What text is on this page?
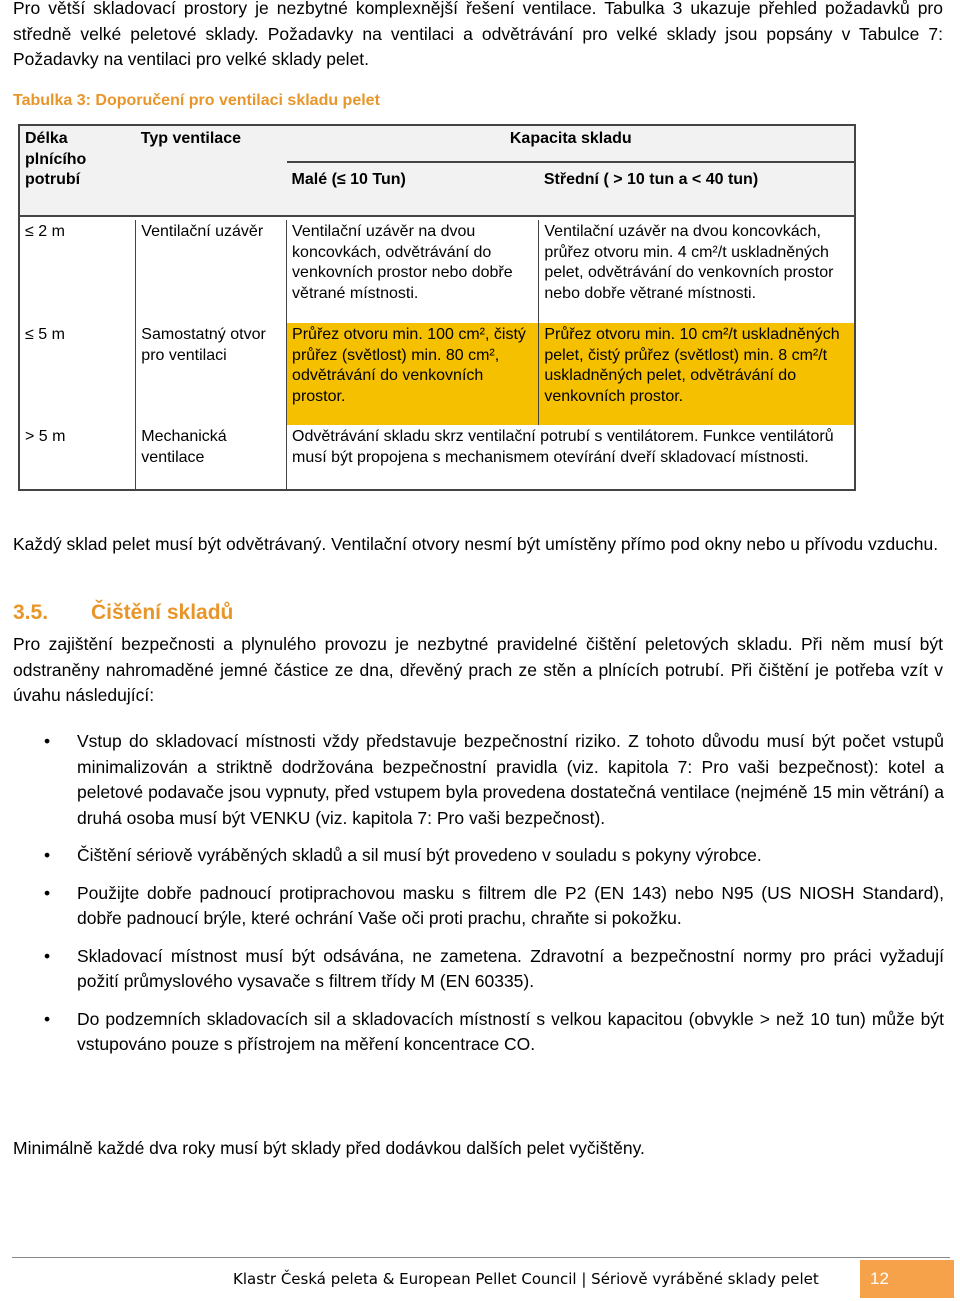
Pro větší skladovací prostory je nezbytné komplexnější řešení ventilace. Tabulka 3 ukazuje přehled požadavků pro středně velké peletové sklady. Požadavky na ventilaci a odvětrávání pro velké sklady jsou popsány v Tabulce 7: Požadavky na ventilaci pro velké sklady pelet.

Tabulka 3: Doporučení pro ventilaci skladu pelet

Délka plnícího potrubí	Typ ventilace	Kapacita skladu	
		Malé (≤ 10 Tun)	Střední ( > 10 tun a < 40 tun)

≤ 2 m	Ventilační uzávěr	Ventilační uzávěr na dvou koncovkách, odvětrávání do venkovních prostor nebo dobře větrané místnosti.	Ventilační uzávěr na dvou koncovkách, průřez otvoru min. 4 cm²/t uskladněných pelet, odvětrávání do venkovních prostor nebo dobře větrané místnosti.
≤ 5 m	Samostatný otvor pro ventilaci	Průřez otvoru min. 100 cm², čistý průřez (světlost) min. 80 cm², odvětrávání do venkovních prostor.	Průřez otvoru min. 10 cm²/t uskladněných pelet, čistý průřez (světlost) min. 8 cm²/t uskladněných pelet, odvětrávání do venkovních prostor.
> 5 m	Mechanická ventilace	Odvětrávání skladu skrz ventilační potrubí s ventilátorem. Funkce ventilátorů musí být propojena s mechanismem otevírání dveří skladovací místnosti.	

Každý sklad pelet musí být odvětrávaný. Ventilační otvory nesmí být umístěny přímo pod okny nebo u přívodu vzduchu.

3.5. Čištění skladů

Pro zajištění bezpečnosti a plynulého provozu je nezbytné pravidelné čištění peletových skladu. Při něm musí být odstraněny nahromaděné jemné částice ze dna, dřevěný prach ze stěn a plnících potrubí. Při čištění je potřeba vzít v úvahu následující:

• Vstup do skladovací místnosti vždy představuje bezpečnostní riziko. Z tohoto důvodu musí být počet vstupů minimalizován a striktně dodržována bezpečnostní pravidla (viz. kapitola 7: Pro vaši bezpečnost): kotel a peletové podavače jsou vypnuty, před vstupem byla provedena dostatečná ventilace (nejméně 15 min větrání) a druhá osoba musí být VENKU (viz. kapitola 7: Pro vaši bezpečnost).
• Čištění sériově vyráběných skladů a sil musí být provedeno v souladu s pokyny výrobce.
• Použijte dobře padnoucí protiprachovou masku s filtrem dle P2 (EN 143) nebo N95 (US NIOSH Standard), dobře padnoucí brýle, které ochrání Vaše oči proti prachu, chraňte si pokožku.
• Skladovací místnost musí být odsávána, ne zametena. Zdravotní a bezpečnostní normy pro práci vyžadují požití průmyslového vysavače s filtrem třídy M (EN 60335).
• Do podzemních skladovacích sil a skladovacích místností s velkou kapacitou (obvykle > než 10 tun) může být vstupováno pouze s přístrojem na měření koncentrace CO.

Minimálně každé dva roky musí být sklady před dodávkou dalších pelet vyčištěny.

Klastr Česká peleta & European Pellet Council | Sériově vyráběné sklady pelet	12
